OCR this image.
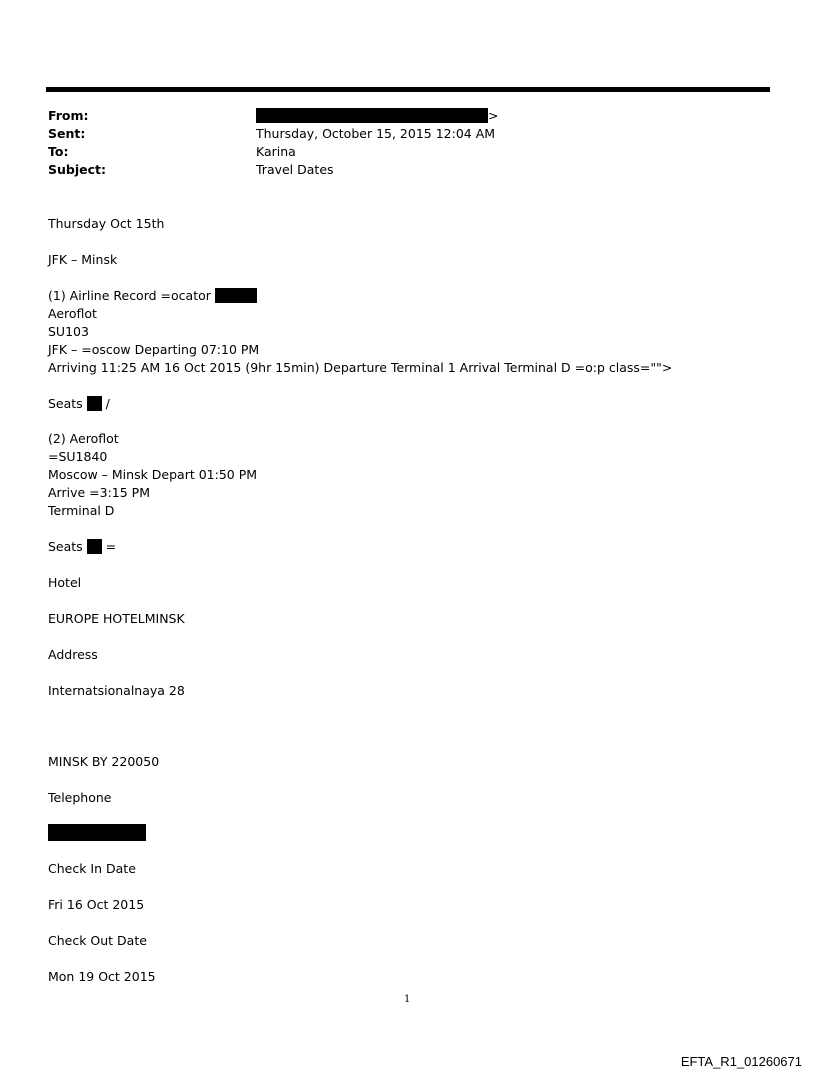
From:	>
Sent:	Thursday, October 15, 2015 12:04 AM
To:	Karina
Subject:	Travel Dates
Thursday Oct 15th
JFK – Minsk
(1) Airline Record =ocator
Aeroflot
SU103
JFK – =oscow Departing 07:10 PM
Arriving 11:25 AM 16 Oct 2015 (9hr 15min) Departure Terminal 1 Arrival Terminal D =o:p class="">
Seats  /
(2) Aeroflot
=SU1840
Moscow – Minsk Depart 01:50 PM
Arrive =3:15 PM
Terminal D
Seats  =
Hotel
EUROPE HOTELMINSK
Address
Internatsionalnaya 28
MINSK BY 220050
Telephone
Check In Date
Fri 16 Oct 2015
Check Out Date
Mon 19 Oct 2015
1
EFTA_R1_01260671
